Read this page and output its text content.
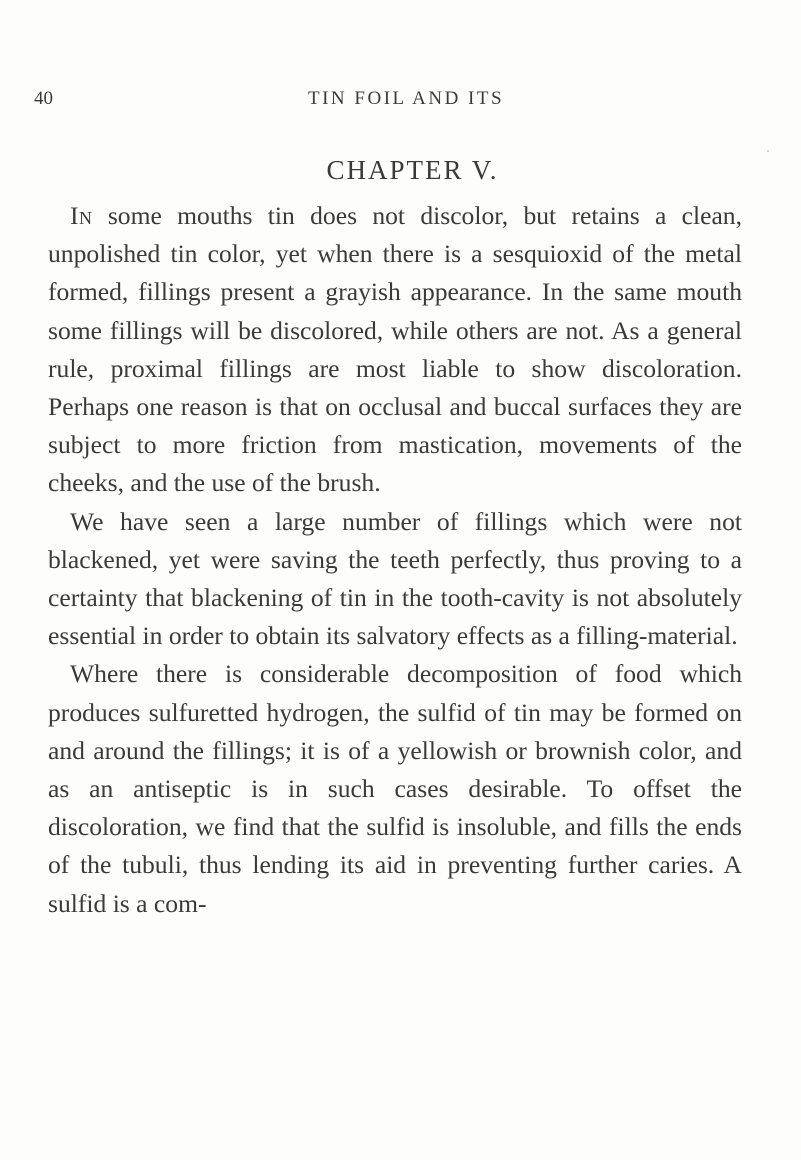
40	TIN FOIL AND ITS
CHAPTER V.

In some mouths tin does not discolor, but retains a clean, unpolished tin color, yet when there is a sesquioxid of the metal formed, fillings present a grayish appearance. In the same mouth some fillings will be discolored, while others are not. As a general rule, proximal fillings are most liable to show discoloration. Perhaps one reason is that on occlusal and buccal surfaces they are subject to more friction from mastication, movements of the cheeks, and the use of the brush.

We have seen a large number of fillings which were not blackened, yet were saving the teeth perfectly, thus proving to a certainty that blackening of tin in the tooth-cavity is not absolutely essential in order to obtain its salvatory effects as a filling-material.

Where there is considerable decomposition of food which produces sulfuretted hydrogen, the sulfid of tin may be formed on and around the fillings; it is of a yellowish or brownish color, and as an antiseptic is in such cases desirable. To offset the discoloration, we find that the sulfid is insoluble, and fills the ends of the tubuli, thus lending its aid in preventing further caries. A sulfid is a com-
